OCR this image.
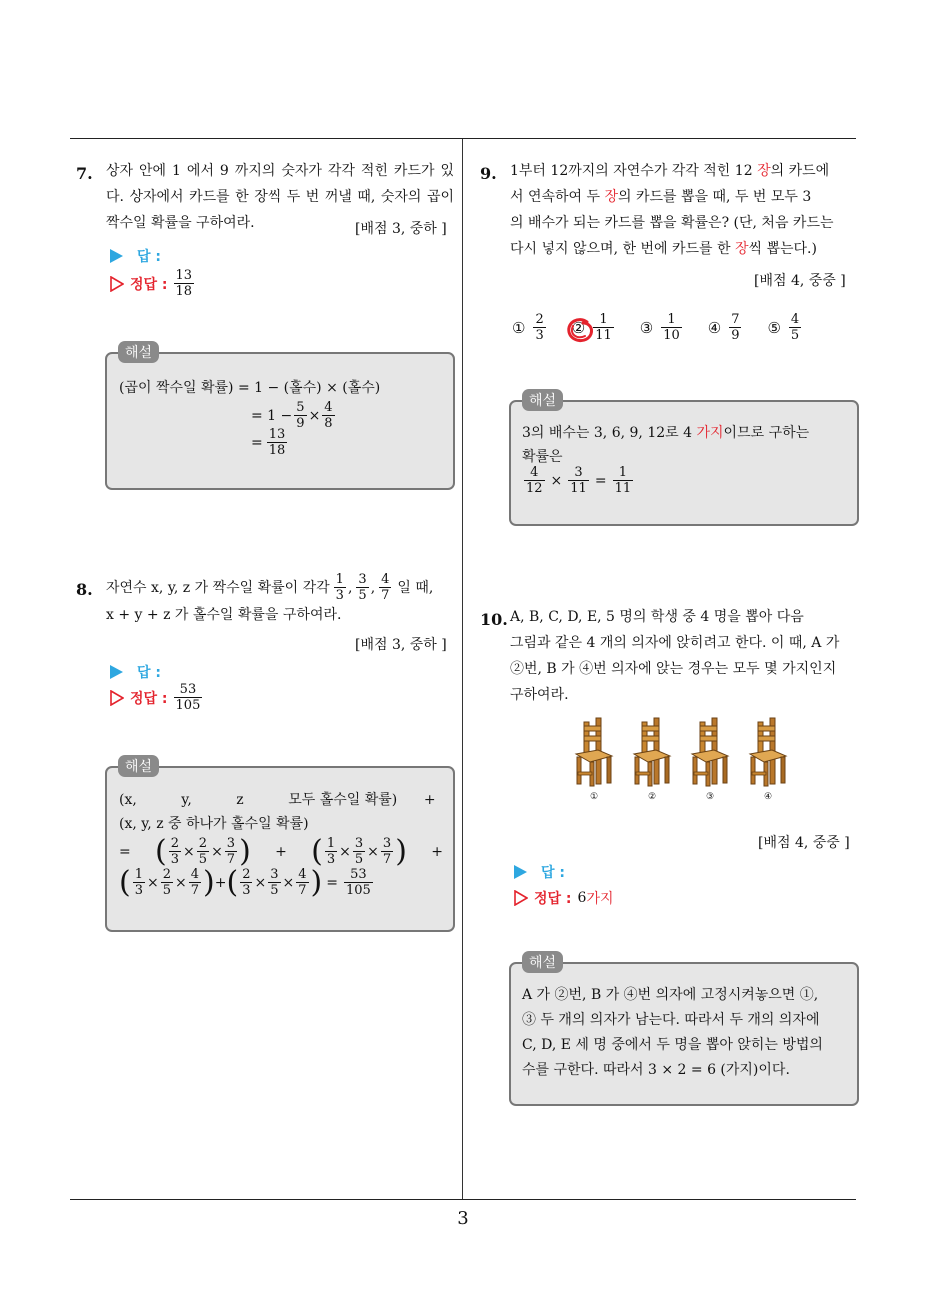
7. 상자 안에 1 에서 9 까지의 숫자가 각각 적힌 카드가 있다. 상자에서 카드를 한 장씩 두 번 꺼낼 때, 숫자의 곱이 짝수일 확률을 구하여라.	[배점 3, 중하 ]
답 :
정답 : $\frac{13}{18}$
해설
(곱이 짝수일 확률) = 1 − (홀수) × (홀수)
= $1 - \frac{5}{9} \times \frac{4}{8}$
= $\frac{13}{18}$
8. 자연수 x, y, z 가 짝수일 확률이 각각 $\frac{1}{3}$ , $\frac{3}{5}$ , $\frac{4}{7}$ 일 때,
x + y + z 가 홀수일 확률을 구하여라.
[배점 3, 중하 ]
답 :
정답 : $\frac{53}{105}$
해설
(x,          y,          z          모두 홀수일 확률)      +
(x, y, z 중 하나가 홀수일 확률)
= ( $\frac{2}{3} \times \frac{2}{5} \times \frac{3}{7}$ ) + ( $\frac{1}{3} \times \frac{3}{5} \times \frac{3}{7}$ ) +
( $\frac{1}{3} \times \frac{2}{5} \times \frac{4}{7}$ ) + ( $\frac{2}{3} \times \frac{3}{5} \times \frac{4}{7}$ ) = $\frac{53}{105}$
9. 1부터 12까지의 자연수가 각각 적힌 12 장의 카드에
서 연속하여 두 장의 카드를 뽑을 때, 두 번 모두 3
의 배수가 되는 카드를 뽑을 확률은? (단, 처음 카드는
다시 넣지 않으며, 한 번에 카드를 한 장씩 뽑는다.)
[배점 4, 중중 ]
① $\frac{2}{3}$ ② $\frac{1}{11}$ ③ $\frac{1}{10}$ ④ $\frac{7}{9}$ ⑤ $\frac{4}{5}$
해설
3의 배수는 3, 6, 9, 12로 4 가지이므로 구하는
확률은
$\frac{4}{12} \times \frac{3}{11} = \frac{1}{11}$
10. A, B, C, D, E, 5 명의 학생 중 4 명을 뽑아 다음
그림과 같은 4 개의 의자에 앉히려고 한다. 이 때, A 가
②번, B 가 ④번 의자에 앉는 경우는 모두 몇 가지인지
구하여라.
①	②	③	④
[배점 4, 중중 ]
답 :
정답 : 6 가지
해설
A 가 ②번, B 가 ④번 의자에 고정시켜놓으면 ①,
③ 두 개의 의자가 남는다. 따라서 두 개의 의자에
C, D, E 세 명 중에서 두 명을 뽑아 앉히는 방법의
수를 구한다. 따라서 3 × 2 = 6 (가지)이다.
3
